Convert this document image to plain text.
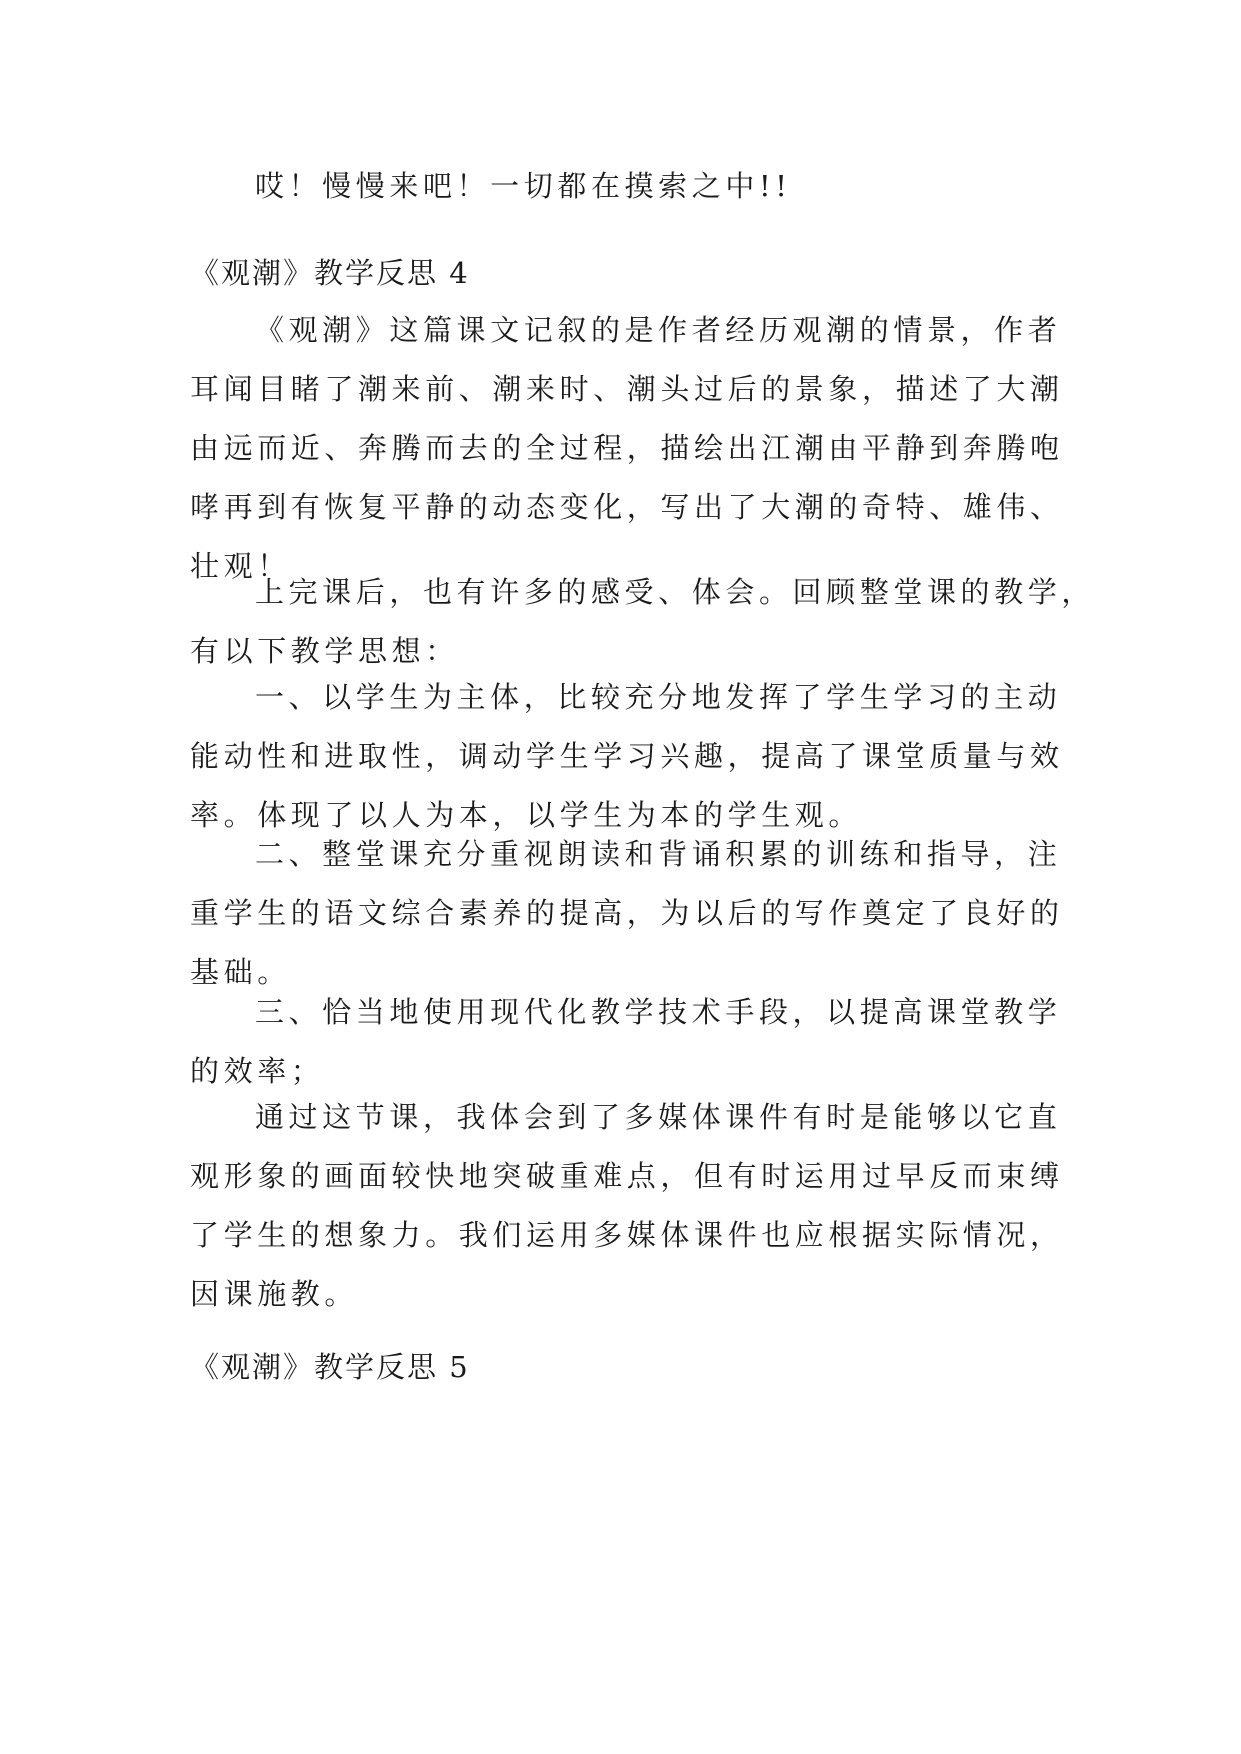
哎！慢慢来吧！一切都在摸索之中!!

《观潮》教学反思 4

《观潮》这篇课文记叙的是作者经历观潮的情景，作者
耳闻目睹了潮来前、潮来时、潮头过后的景象，描述了大潮
由远而近、奔腾而去的全过程，描绘出江潮由平静到奔腾咆
哮再到有恢复平静的动态变化，写出了大潮的奇特、雄伟、
壮观！

上完课后，也有许多的感受、体会。回顾整堂课的教学，
有以下教学思想：

一、以学生为主体，比较充分地发挥了学生学习的主动
能动性和进取性，调动学生学习兴趣，提高了课堂质量与效
率。体现了以人为本，以学生为本的学生观。

二、整堂课充分重视朗读和背诵积累的训练和指导，注
重学生的语文综合素养的提高，为以后的写作奠定了良好的
基础。

三、恰当地使用现代化教学技术手段，以提高课堂教学
的效率；

通过这节课，我体会到了多媒体课件有时是能够以它直
观形象的画面较快地突破重难点，但有时运用过早反而束缚
了学生的想象力。我们运用多媒体课件也应根据实际情况，
因课施教。

《观潮》教学反思 5
